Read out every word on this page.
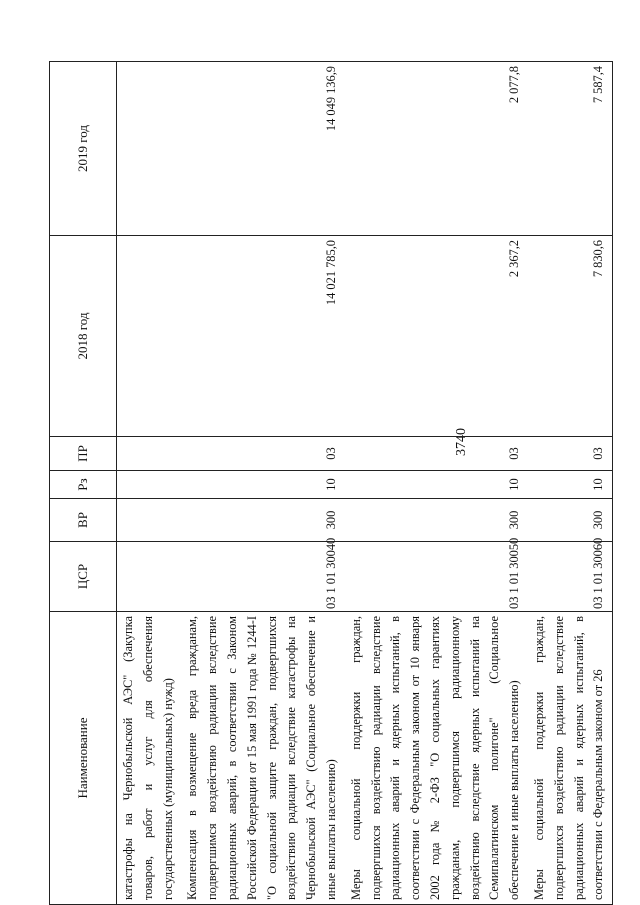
3740
Наименование	ЦСР	ВР	Рз	ПР	2018 год	2019 год
катастрофы на Чернобыльской АЭС" (Закупка товаров, работ и услуг для обеспечения государственных (муниципальных) нужд)						
Компенсация в возмещение вреда гражданам, подвергшимся воздействию радиации вследствие радиационных аварий, в соответствии с Законом Российской Федерации от 15 мая 1991 года № 1244-I "О социальной защите граждан, подвергшихся воздействию радиации вследствие катастрофы на Чернобыльской АЭС" (Социальное обеспечение и иные выплаты населению)	03 1 01 30040	300	10	03	14 021 785,0	14 049 136,9
Меры социальной поддержки граждан, подвергшихся воздействию радиации вследствие радиационных аварий и ядерных испытаний, в соответствии с Федеральным законом от 10 января 2002 года № 2-ФЗ "О социальных гарантиях гражданам, подвергшимся радиационному воздействию вследствие ядерных испытаний на Семипалатинском полигоне" (Социальное обеспечение и иные выплаты населению)	03 1 01 30050	300	10	03	2 367,2	2 077,8
Меры социальной поддержки граждан, подвергшихся воздействию радиации вследствие радиационных аварий и ядерных испытаний, в соответствии с Федеральным законом от 26	03 1 01 30060	300	10	03	7 830,6	7 587,4
